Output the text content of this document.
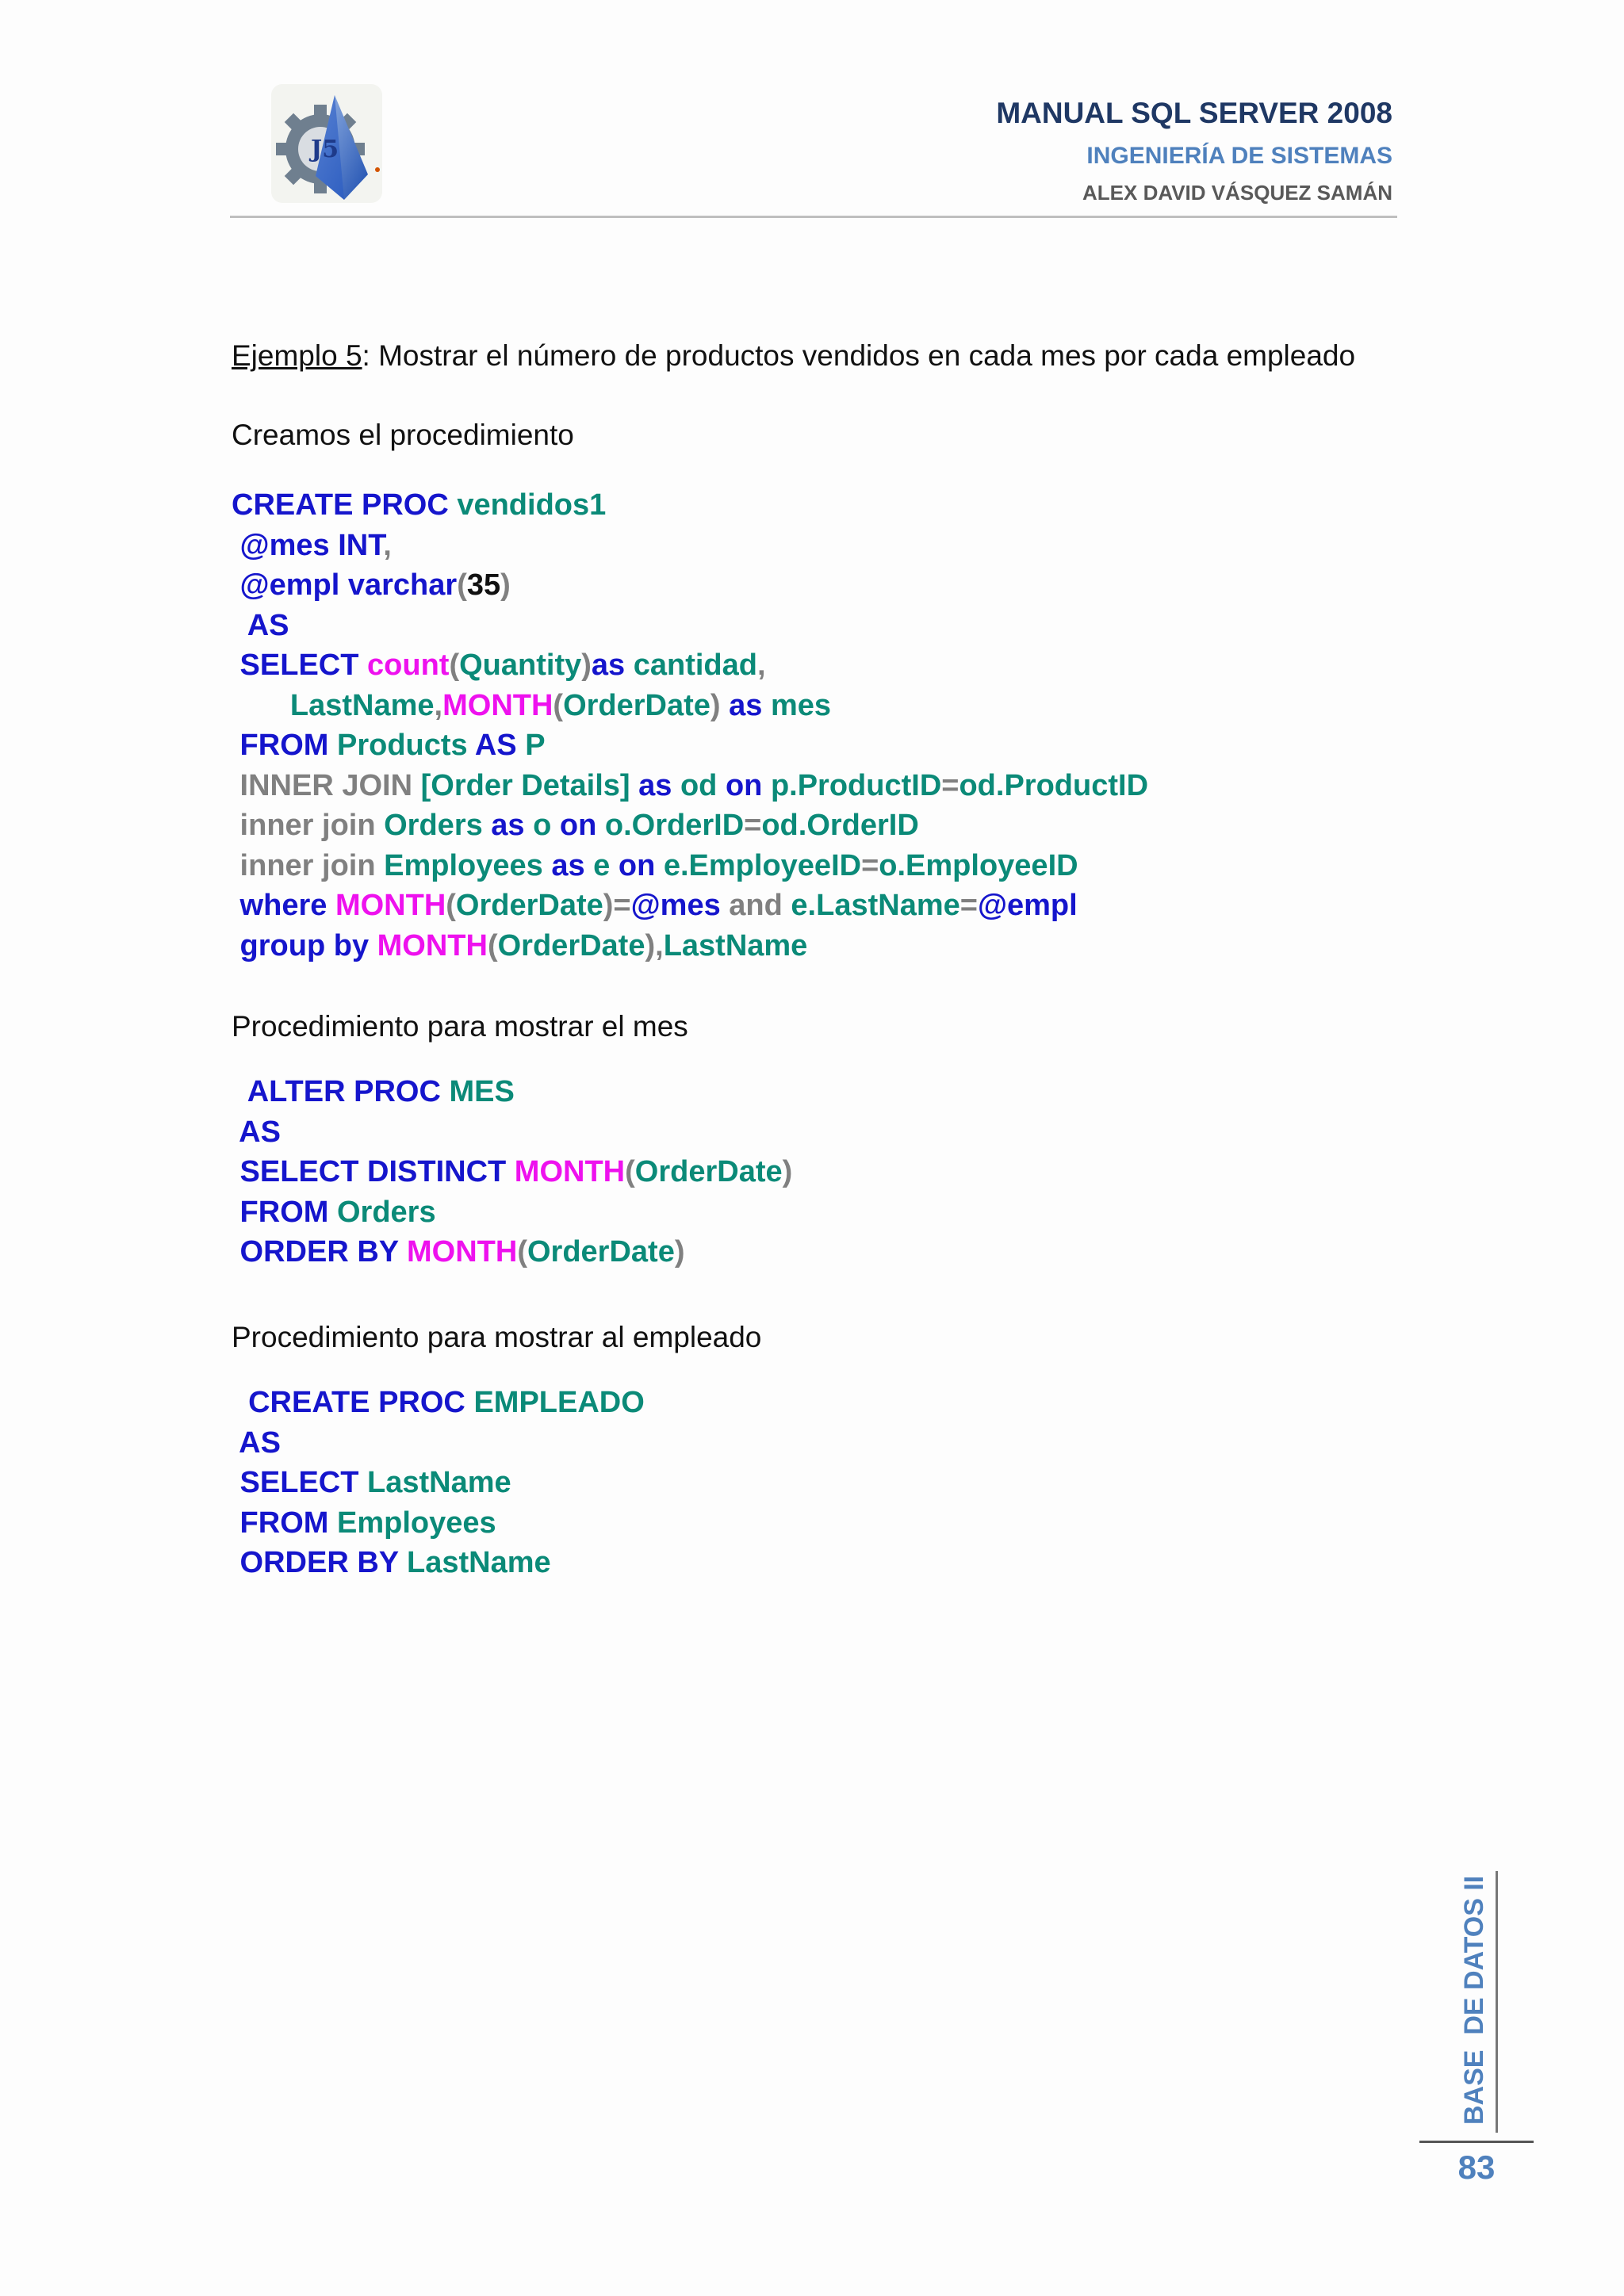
J5
MANUAL SQL SERVER 2008
INGENIERÍA DE SISTEMAS
ALEX DAVID VÁSQUEZ SAMÁN
Ejemplo 5: Mostrar el número de productos vendidos en cada mes por cada empleado
Creamos el procedimiento
CREATE PROC vendidos1
@mes INT,
@empl varchar(35)
AS
SELECT count(Quantity)as cantidad,
LastName,MONTH(OrderDate) as mes
FROM Products AS P
INNER JOIN [Order Details] as od on p.ProductID=od.ProductID
inner join Orders as o on o.OrderID=od.OrderID
inner join Employees as e on e.EmployeeID=o.EmployeeID
where MONTH(OrderDate)=@mes and e.LastName=@empl
group by MONTH(OrderDate),LastName
Procedimiento para mostrar el mes
ALTER PROC MES
AS
SELECT DISTINCT MONTH(OrderDate)
FROM Orders
ORDER BY MONTH(OrderDate)
Procedimiento para mostrar al empleado
CREATE PROC EMPLEADO
AS
SELECT LastName
FROM Employees
ORDER BY LastName
BASE  DE DATOS II
83
